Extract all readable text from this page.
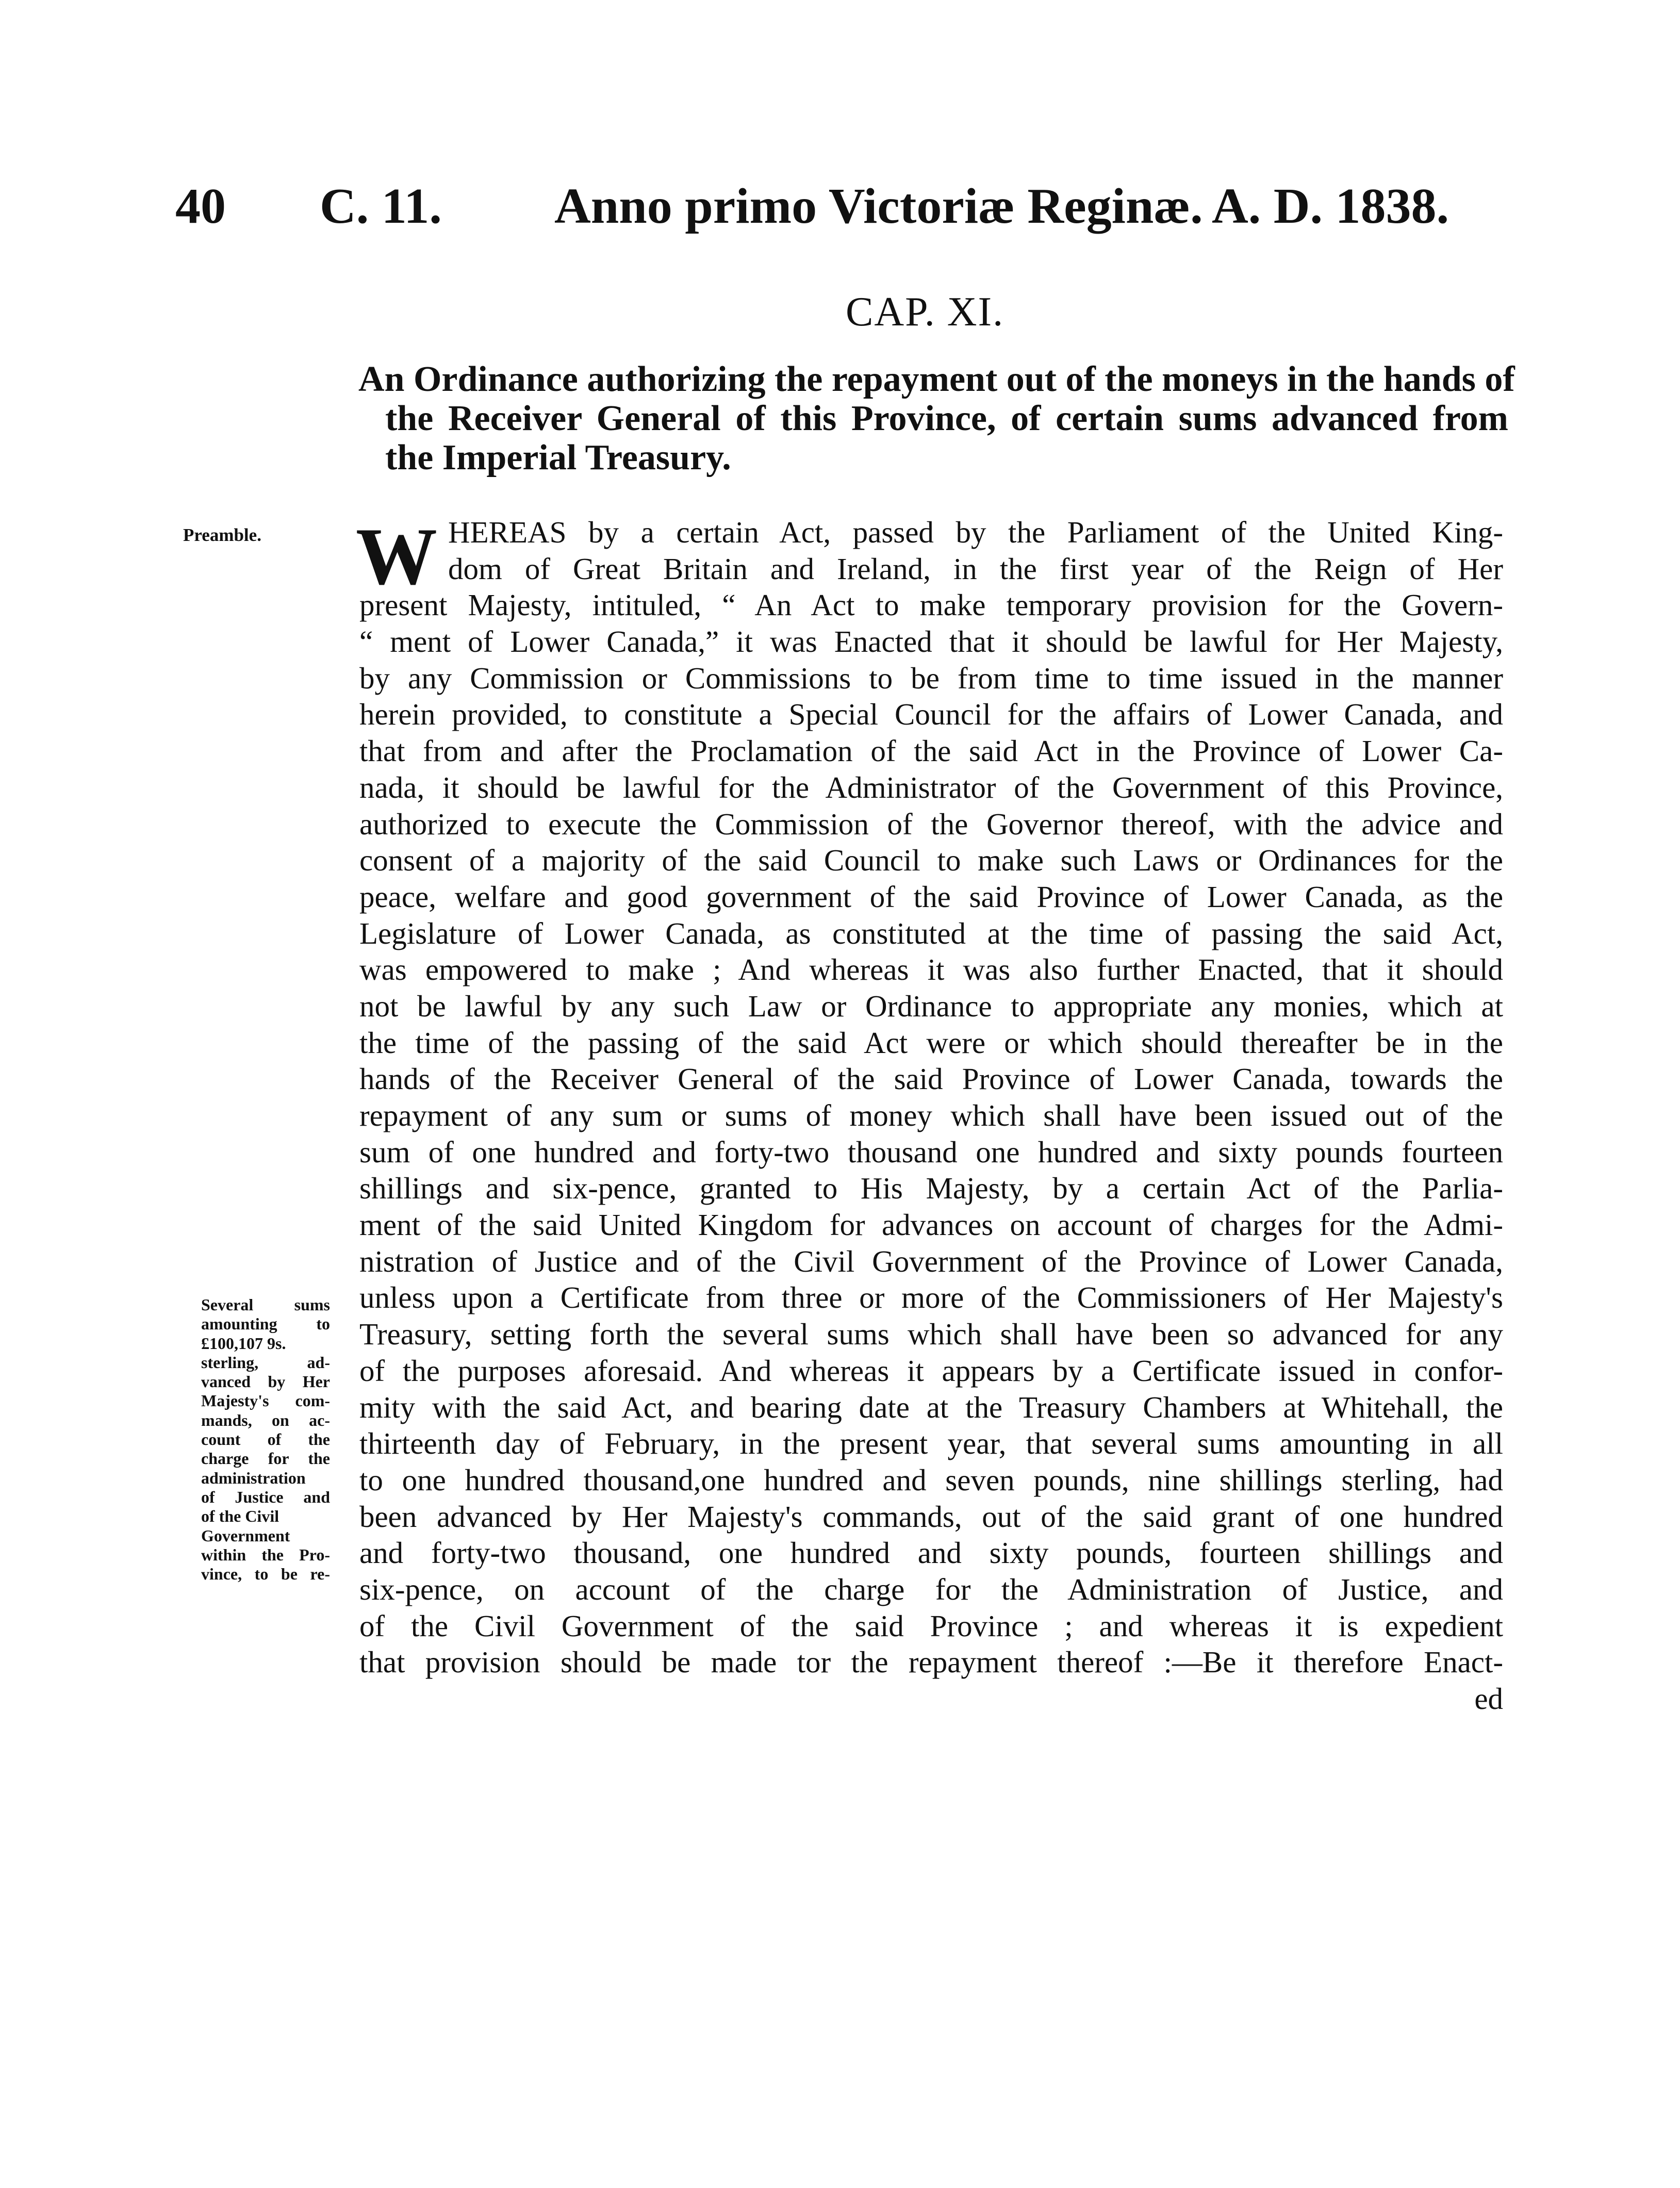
40 C. 11. Anno primo Victoriæ Reginæ. A. D. 1838.
CAP. XI.
An Ordinance authorizing the repayment out of the moneys in the hands of
the Receiver General of this Province, of certain sums advanced from
the Imperial Treasury.
Preamble.
Several sums
amounting to
£100,107 9s.
sterling, ad-
vanced by Her
Majesty's com-
mands, on ac-
count of the
charge for the
administration
of Justice and
of the Civil
Government
within the Pro-
vince, to be re-
W HEREAS by a certain Act, passed by the Parliament of the United King-
dom of Great Britain and Ireland, in the first year of the Reign of Her
present Majesty, intituled, “ An Act to make temporary provision for the Govern-
“ ment of Lower Canada,” it was Enacted that it should be lawful for Her Majesty,
by any Commission or Commissions to be from time to time issued in the manner
herein provided, to constitute a Special Council for the affairs of Lower Canada, and
that from and after the Proclamation of the said Act in the Province of Lower Ca-
nada, it should be lawful for the Administrator of the Government of this Province,
authorized to execute the Commission of the Governor thereof, with the advice and
consent of a majority of the said Council to make such Laws or Ordinances for the
peace, welfare and good government of the said Province of Lower Canada, as the
Legislature of Lower Canada, as constituted at the time of passing the said Act,
was empowered to make ; And whereas it was also further Enacted, that it should
not be lawful by any such Law or Ordinance to appropriate any monies, which at
the time of the passing of the said Act were or which should thereafter be in the
hands of the Receiver General of the said Province of Lower Canada, towards the
repayment of any sum or sums of money which shall have been issued out of the
sum of one hundred and forty-two thousand one hundred and sixty pounds fourteen
shillings and six-pence, granted to His Majesty, by a certain Act of the Parlia-
ment of the said United Kingdom for advances on account of charges for the Admi-
nistration of Justice and of the Civil Government of the Province of Lower Canada,
unless upon a Certificate from three or more of the Commissioners of Her Majesty's
Treasury, setting forth the several sums which shall have been so advanced for any
of the purposes aforesaid. And whereas it appears by a Certificate issued in confor-
mity with the said Act, and bearing date at the Treasury Chambers at Whitehall, the
thirteenth day of February, in the present year, that several sums amounting in all
to one hundred thousand,one hundred and seven pounds, nine shillings sterling, had
been advanced by Her Majesty's commands, out of the said grant of one hundred
and forty-two thousand, one hundred and sixty pounds, fourteen shillings and
six-pence, on account of the charge for the Administration of Justice, and
of the Civil Government of the said Province ; and whereas it is expedient
that provision should be made tor the repayment thereof :—Be it therefore Enact-
ed
